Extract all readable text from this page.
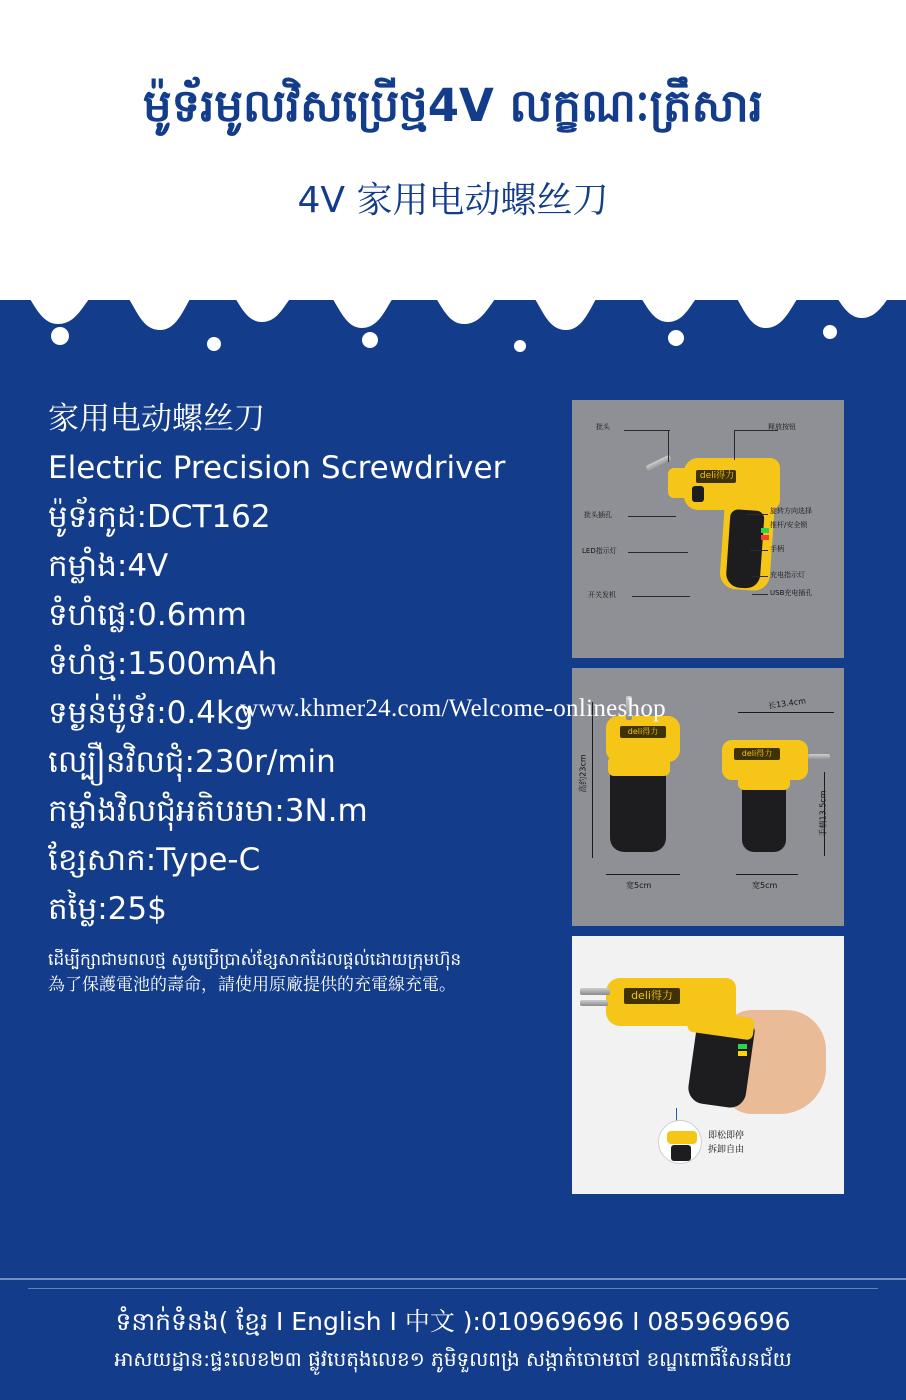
ម៉ូទ័រមូលវិសប្រើថ្ម4V លក្ខណៈត្រឹសារ
4V 家用电动螺丝刀
家用电动螺丝刀
Electric Precision Screwdriver
ម៉ូទ័រកូដ:DCT162
កម្លាំង:4V
ទំហំផ្លេ:0.6mm
ទំហំថ្ម:1500mAh
ទម្ងន់ម៉ូទ័រ:0.4kg
ល្បឿនវិលជុំ:230r/min
កម្លាំងវិលជុំអតិបរមា:3N.m
ខ្សែសាក:Type-C
តម្លៃ:25$
ដើម្បីក្សាជាមពលថ្ម សូមប្រើប្រាស់ខ្សែសាកដែលផ្តល់ដោយក្រុមហ៊ុន
為了保護電池的壽命，請使用原廠提供的充電線充電。
www.khmer24.com/Welcome-onlineshop
deli得力
批头	释放按钮
批头插孔	旋转方向选择
推杆/安全锁
LED指示灯	手柄
充电指示灯
USB充电插孔
开关发机
deli得力
deli得力
长13.4cm
高约23cm
手柄13.5cm
宽5cm	宽5cm
deli得力
即松即停
拆卸自由
ទំនាក់ទំនង( ខ្មែរ I English I 中文 ):010969696 I 085969696
អាសយដ្ឋាន:ផ្ទះលេខ២៣ ផ្លូវបេតុងលេខ១ ភូមិទួលពង្រ សង្កាត់ចោមចៅ ខណ្ឌពោធិ៍សែនជ័យ
